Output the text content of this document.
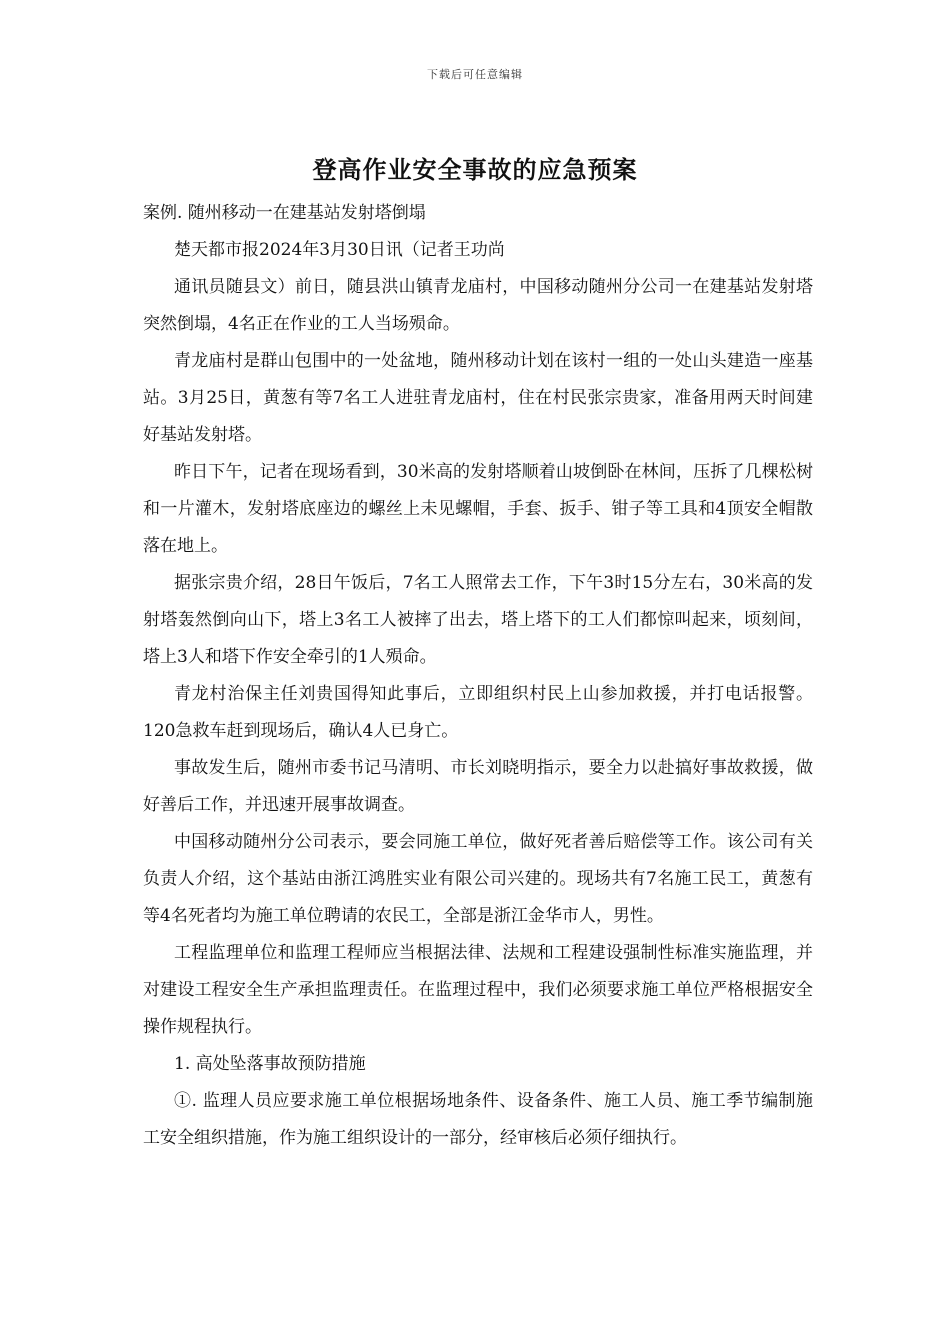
下载后可任意编辑
登高作业安全事故的应急预案

案例. 随州移动一在建基站发射塔倒塌

楚天都市报2024年3月30日讯（记者王功尚

通讯员随县文）前日，随县洪山镇青龙庙村，中国移动随州分公司一在建基站发射塔突然倒塌，4名正在作业的工人当场殒命。

青龙庙村是群山包围中的一处盆地，随州移动计划在该村一组的一处山头建造一座基站。3月25日，黄葱有等7名工人进驻青龙庙村，住在村民张宗贵家，准备用两天时间建好基站发射塔。

昨日下午，记者在现场看到，30米高的发射塔顺着山坡倒卧在林间，压拆了几棵松树和一片灌木，发射塔底座边的螺丝上未见螺帽，手套、扳手、钳子等工具和4顶安全帽散落在地上。

据张宗贵介绍，28日午饭后，7名工人照常去工作，下午3时15分左右，30米高的发射塔轰然倒向山下，塔上3名工人被摔了出去，塔上塔下的工人们都惊叫起来，顷刻间，塔上3人和塔下作安全牵引的1人殒命。

青龙村治保主任刘贵国得知此事后，立即组织村民上山参加救援，并打电话报警。120急救车赶到现场后，确认4人已身亡。

事故发生后，随州市委书记马清明、市长刘晓明指示，要全力以赴搞好事故救援，做好善后工作，并迅速开展事故调查。

中国移动随州分公司表示，要会同施工单位，做好死者善后赔偿等工作。该公司有关负责人介绍，这个基站由浙江鸿胜实业有限公司兴建的。现场共有7名施工民工，黄葱有等4名死者均为施工单位聘请的农民工，全部是浙江金华市人，男性。

工程监理单位和监理工程师应当根据法律、法规和工程建设强制性标准实施监理，并对建设工程安全生产承担监理责任。在监理过程中，我们必须要求施工单位严格根据安全操作规程执行。

1. 高处坠落事故预防措施

①. 监理人员应要求施工单位根据场地条件、设备条件、施工人员、施工季节编制施工安全组织措施，作为施工组织设计的一部分，经审核后必须仔细执行。
